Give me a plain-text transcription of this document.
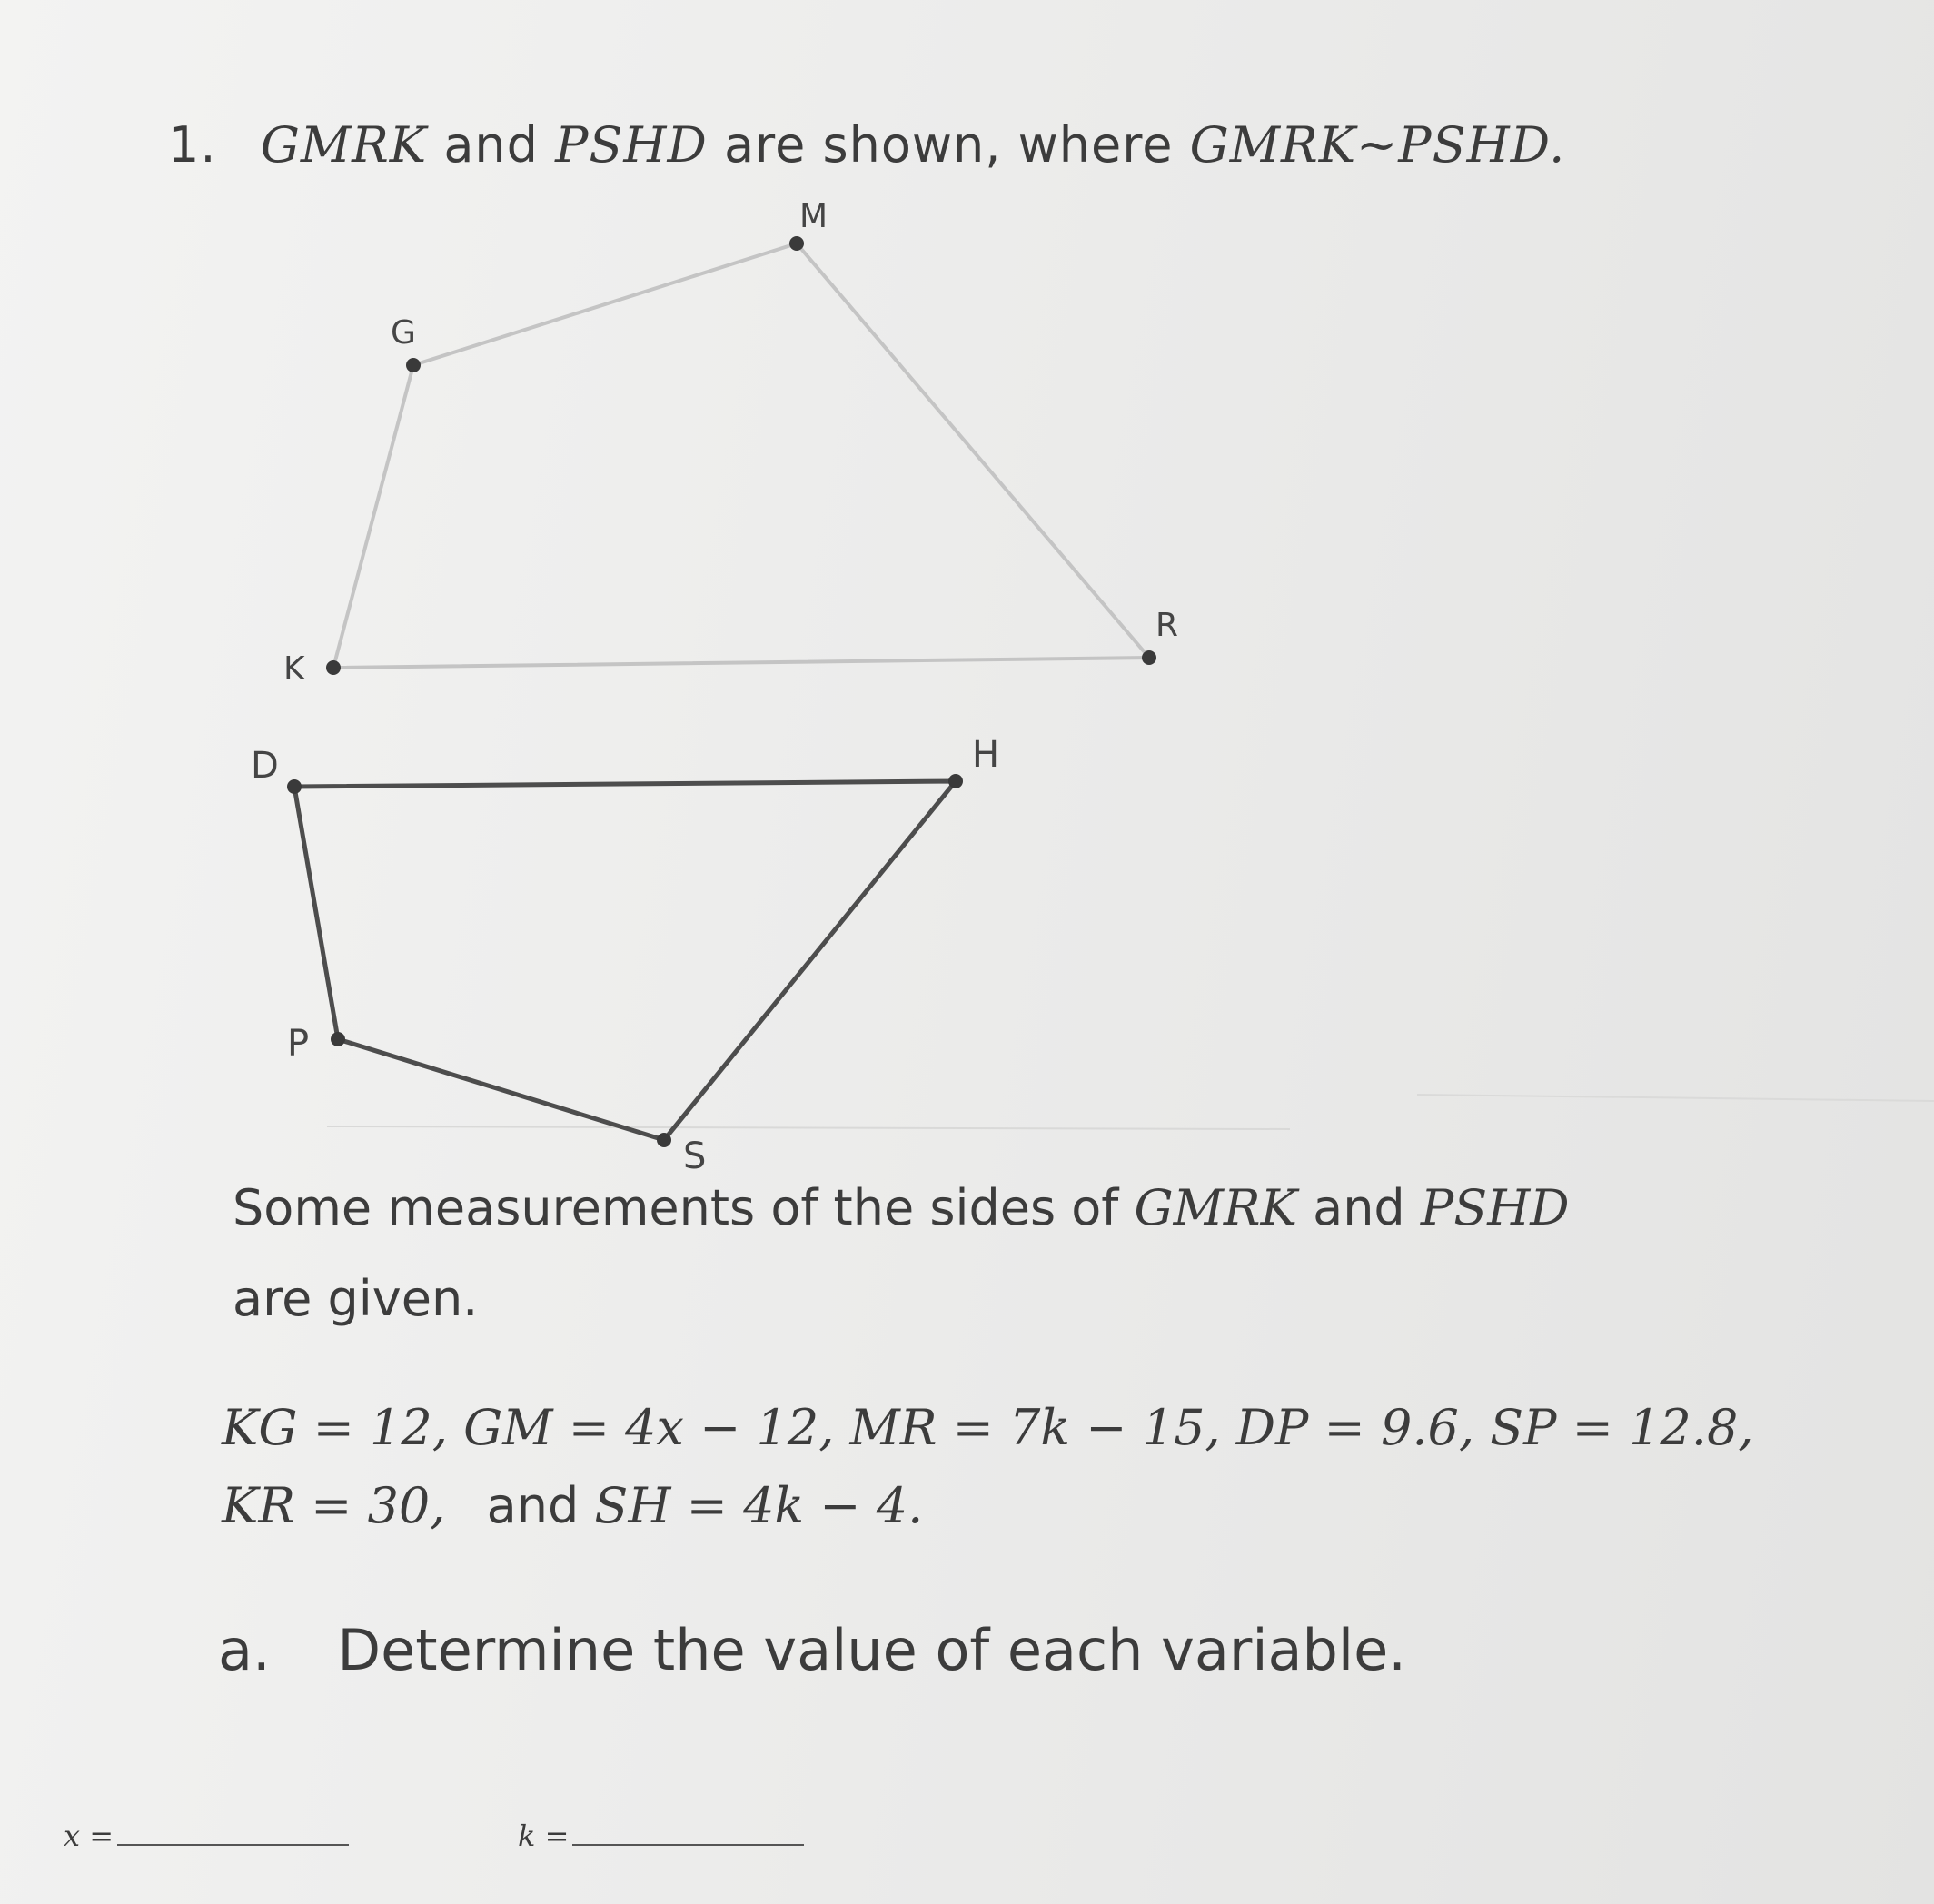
1. GMRK and PSHD are shown, where GMRK~PSHD.
G
M
R
K
D	H
S
P
Some measurements of the sides of GMRK and PSHD
are given.
KG = 12, GM = 4x − 12, MR = 7k − 15, DP = 9.6, SP = 12.8,
KR = 30, and SH = 4k − 4.
a. Determine the value of each variable.
x =	k =
